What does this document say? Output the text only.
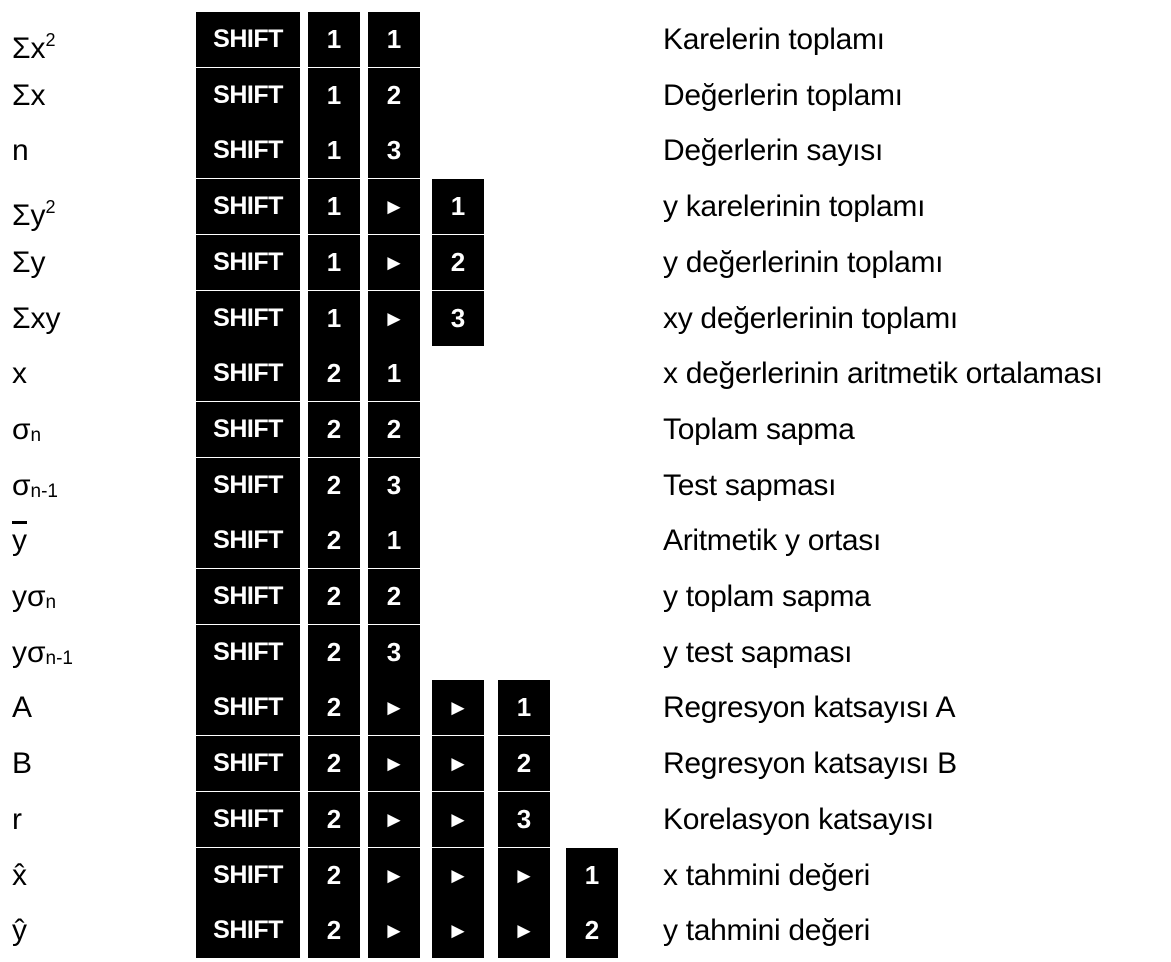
$\Sigma x^2$	SHIFT	1	1	Karelerin toplamı
Σx	SHIFT	1	2	Değerlerin toplamı
n	SHIFT	1	3	Değerlerin sayısı
$\Sigma y^2$	SHIFT	1	►	1	y karelerinin toplamı
Σy	SHIFT	1	►	2	y değerlerinin toplamı
Σxy	SHIFT	1	►	3	xy değerlerinin toplamı
x	SHIFT	2	1	x değerlerinin aritmetik ortalaması
σn	SHIFT	2	2	Toplam sapma
σn-1	SHIFT	2	3	Test sapması
$\overline{y}$	SHIFT	2	1	Aritmetik y ortası
yσn	SHIFT	2	2	y toplam sapma
yσn-1	SHIFT	2	3	y test sapması
A	SHIFT	2	►	►	1	Regresyon katsayısı A
B	SHIFT	2	►	►	2	Regresyon katsayısı B
r	SHIFT	2	►	►	3	Korelasyon katsayısı
x̂	SHIFT	2	►	►	►	1	x tahmini değeri
ŷ	SHIFT	2	►	►	►	2	y tahmini değeri
